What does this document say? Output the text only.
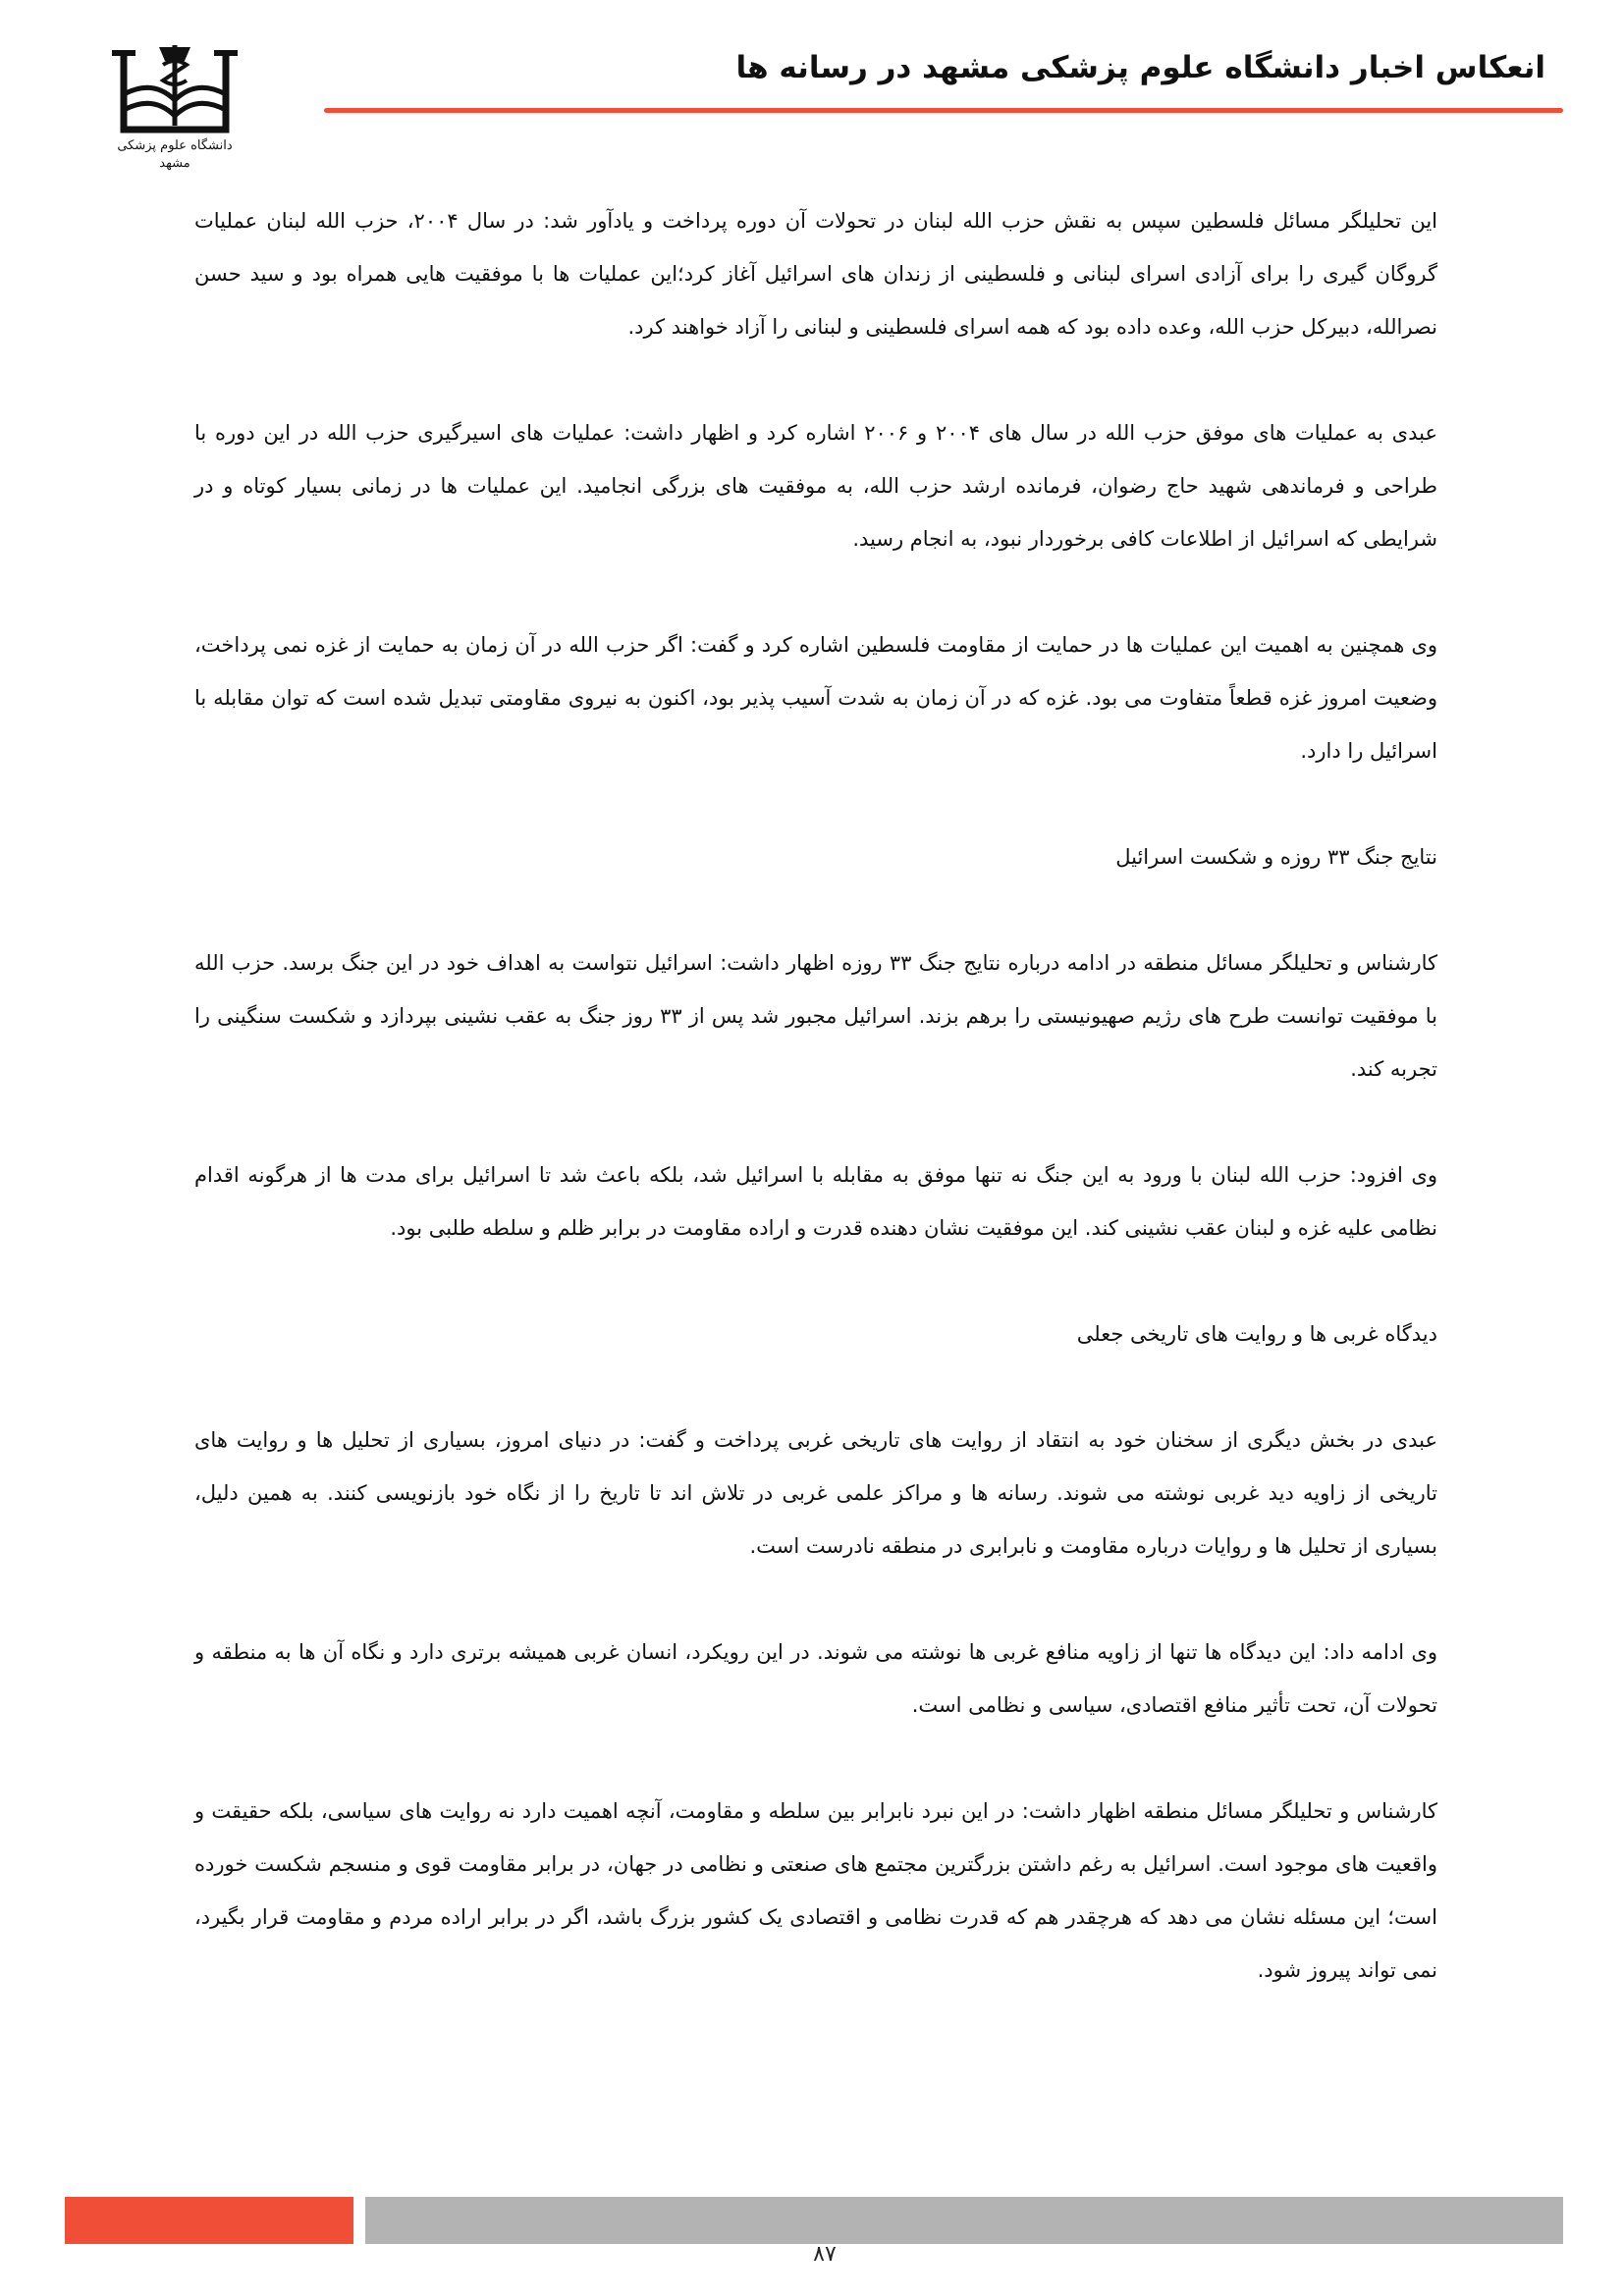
انعکاس اخبار دانشگاه علوم پزشکی مشهد در رسانه ها
دانشگاه علوم پزشکی مشهد

این تحلیلگر مسائل فلسطین سپس به نقش حزب الله لبنان در تحولات آن دوره پرداخت و یادآور شد: در سال ۲۰۰۴، حزب الله لبنان عملیات گروگان گیری را برای آزادی اسرای لبنانی و فلسطینی از زندان های اسرائیل آغاز کرد؛این عملیات ها با موفقیت هایی همراه بود و سید حسن نصرالله، دبیرکل حزب الله، وعده داده بود که همه اسرای فلسطینی و لبنانی را آزاد خواهند کرد.

عبدی به عملیات های موفق حزب الله در سال های ۲۰۰۴ و ۲۰۰۶ اشاره کرد و اظهار داشت: عملیات های اسیرگیری حزب الله در این دوره با طراحی و فرماندهی شهید حاج رضوان، فرمانده ارشد حزب الله، به موفقیت های بزرگی انجامید. این عملیات ها در زمانی بسیار کوتاه و در شرایطی که اسرائیل از اطلاعات کافی برخوردار نبود، به انجام رسید.

وی همچنین به اهمیت این عملیات ها در حمایت از مقاومت فلسطین اشاره کرد و گفت: اگر حزب الله در آن زمان به حمایت از غزه نمی پرداخت، وضعیت امروز غزه قطعاً متفاوت می بود. غزه که در آن زمان به شدت آسیب پذیر بود، اکنون به نیروی مقاومتی تبدیل شده است که توان مقابله با اسرائیل را دارد.

نتایج جنگ ۳۳ روزه و شکست اسرائیل

کارشناس و تحلیلگر مسائل منطقه در ادامه درباره نتایج جنگ ۳۳ روزه اظهار داشت: اسرائیل نتواست به اهداف خود در این جنگ برسد. حزب الله با موفقیت توانست طرح های رژیم صهیونیستی را برهم بزند. اسرائیل مجبور شد پس از ۳۳ روز جنگ به عقب نشینی بپردازد و شکست سنگینی را تجربه کند.

وی افزود: حزب الله لبنان با ورود به این جنگ نه تنها موفق به مقابله با اسرائیل شد، بلکه باعث شد تا اسرائیل برای مدت ها از هرگونه اقدام نظامی علیه غزه و لبنان عقب نشینی کند. این موفقیت نشان دهنده قدرت و اراده مقاومت در برابر ظلم و سلطه طلبی بود.

دیدگاه غربی ها و روایت های تاریخی جعلی

عبدی در بخش دیگری از سخنان خود به انتقاد از روایت های تاریخی غربی پرداخت و گفت: در دنیای امروز، بسیاری از تحلیل ها و روایت های تاریخی از زاویه دید غربی نوشته می شوند. رسانه ها و مراکز علمی غربی در تلاش اند تا تاریخ را از نگاه خود بازنویسی کنند. به همین دلیل، بسیاری از تحلیل ها و روایات درباره مقاومت و نابرابری در منطقه نادرست است.

وی ادامه داد: این دیدگاه ها تنها از زاویه منافع غربی ها نوشته می شوند. در این رویکرد، انسان غربی همیشه برتری دارد و نگاه آن ها به منطقه و تحولات آن، تحت تأثیر منافع اقتصادی، سیاسی و نظامی است.

کارشناس و تحلیلگر مسائل منطقه اظهار داشت: در این نبرد نابرابر بین سلطه و مقاومت، آنچه اهمیت دارد نه روایت های سیاسی، بلکه حقیقت و واقعیت های موجود است. اسرائیل به رغم داشتن بزرگترین مجتمع های صنعتی و نظامی در جهان، در برابر مقاومت قوی و منسجم شکست خورده است؛ این مسئله نشان می دهد که هرچقدر هم که قدرت نظامی و اقتصادی یک کشور بزرگ باشد، اگر در برابر اراده مردم و مقاومت قرار بگیرد، نمی تواند پیروز شود.

۸۷
